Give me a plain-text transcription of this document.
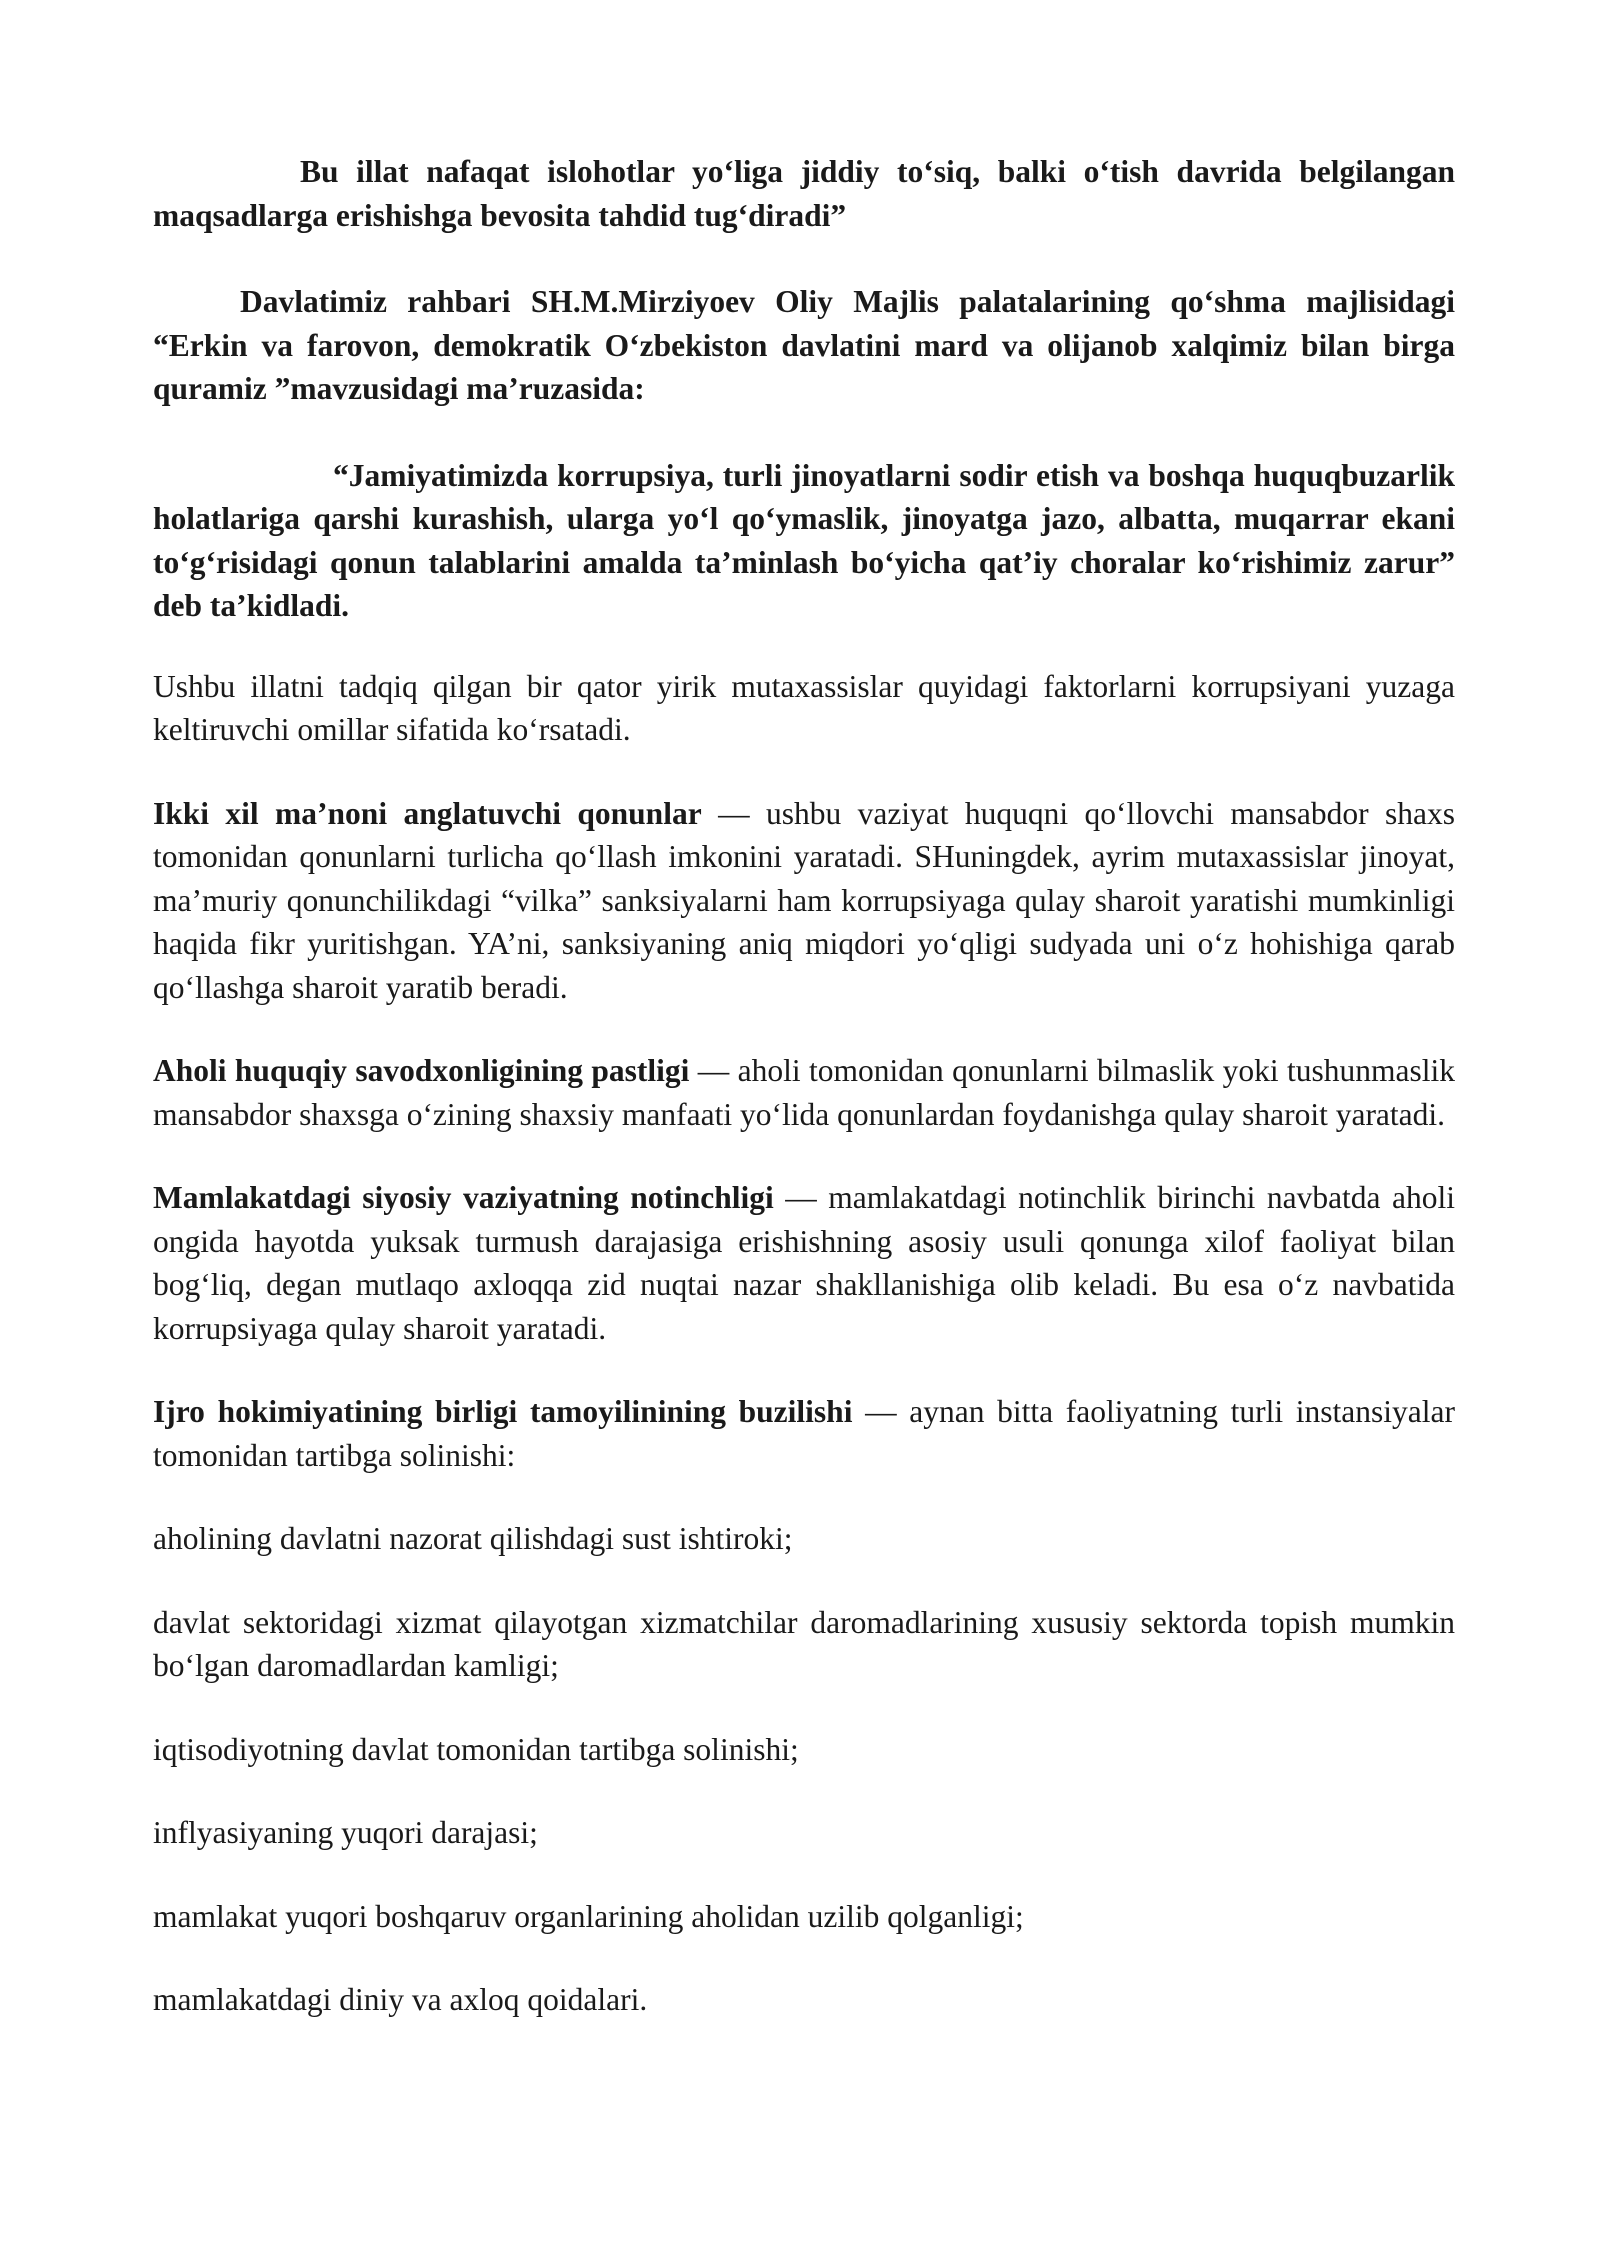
Bu illat nafaqat islohotlar yo‘liga jiddiy to‘siq, balki o‘tish davrida belgilangan maqsadlarga erishishga bevosita tahdid tug‘diradi”

Davlatimiz rahbari SH.M.Mirziyoev Oliy Majlis palatalarining qo‘shma majlisidagi “Erkin va farovon, demokratik O‘zbekiston davlatini mard va olijanob xalqimiz bilan birga quramiz ”mavzusidagi ma’ruzasida:

“Jamiyatimizda korrupsiya, turli jinoyatlarni sodir etish va boshqa huquqbuzarlik holatlariga qarshi kurashish, ularga yo‘l qo‘ymaslik, jinoyatga jazo, albatta, muqarrar ekani to‘g‘risidagi qonun talablarini amalda ta’minlash bo‘yicha qat’iy choralar ko‘rishimiz zarur” deb ta’kidladi.

Ushbu illatni tadqiq qilgan bir qator yirik mutaxassislar quyidagi faktorlarni korrupsiyani yuzaga keltiruvchi omillar sifatida ko‘rsatadi.

Ikki xil ma’noni anglatuvchi qonunlar — ushbu vaziyat huquqni qo‘llovchi mansabdor shaxs tomonidan qonunlarni turlicha qo‘llash imkonini yaratadi. SHuningdek, ayrim mutaxassislar jinoyat, ma’muriy qonunchilikdagi “vilka” sanksiyalarni ham korrupsiyaga qulay sharoit yaratishi mumkinligi haqida fikr yuritishgan. YA’ni, sanksiyaning aniq miqdori yo‘qligi sudyada uni o‘z hohishiga qarab qo‘llashga sharoit yaratib beradi.

Aholi huquqiy savodxonligining pastligi — aholi tomonidan qonunlarni bilmaslik yoki tushunmaslik mansabdor shaxsga o‘zining shaxsiy manfaati yo‘lida qonunlardan foydanishga qulay sharoit yaratadi.

Mamlakatdagi siyosiy vaziyatning notinchligi — mamlakatdagi notinchlik birinchi navbatda aholi ongida hayotda yuksak turmush darajasiga erishishning asosiy usuli qonunga xilof faoliyat bilan bog‘liq, degan mutlaqo axloqqa zid nuqtai nazar shakllanishiga olib keladi. Bu esa o‘z navbatida korrupsiyaga qulay sharoit yaratadi.

Ijro hokimiyatining birligi tamoyilinining buzilishi — aynan bitta faoliyatning turli instansiyalar tomonidan tartibga solinishi:

aholining davlatni nazorat qilishdagi sust ishtiroki;

davlat sektoridagi xizmat qilayotgan xizmatchilar daromadlarining xususiy sektorda topish mumkin bo‘lgan daromadlardan kamligi;

iqtisodiyotning davlat tomonidan tartibga solinishi;

inflyasiyaning yuqori darajasi;

mamlakat yuqori boshqaruv organlarining aholidan uzilib qolganligi;

mamlakatdagi diniy va axloq qoidalari.
